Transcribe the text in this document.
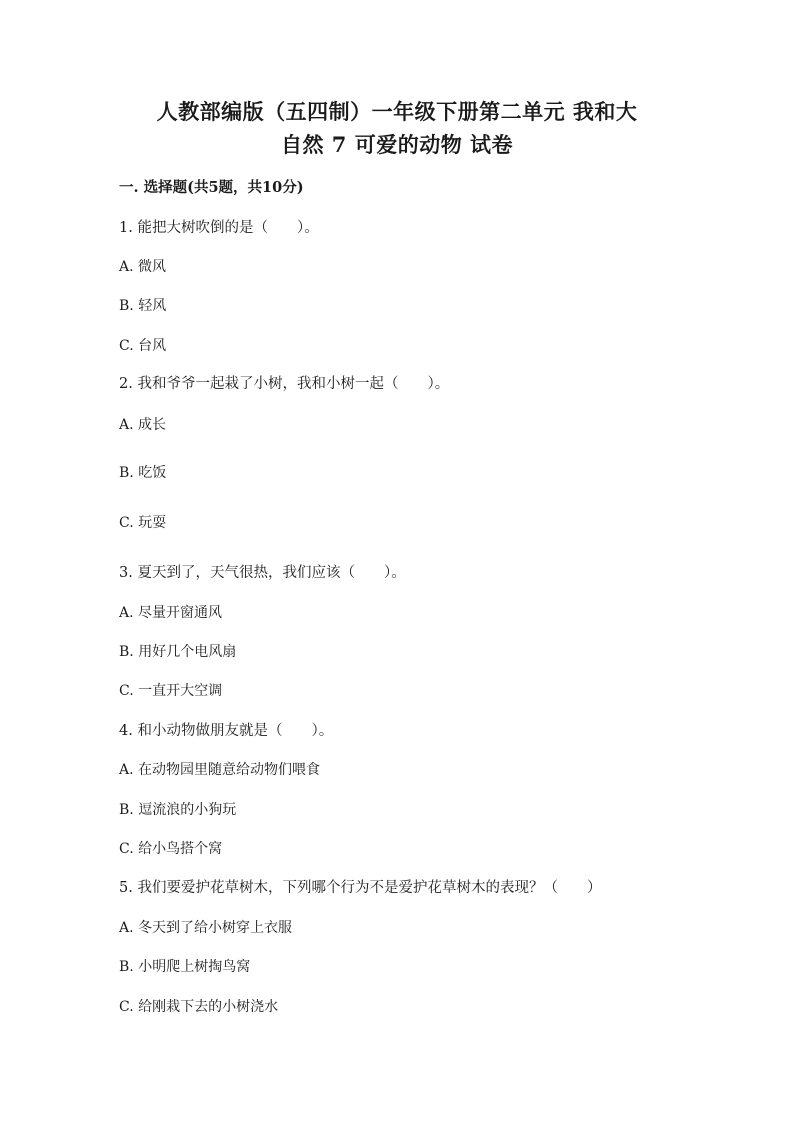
人教部编版（五四制）一年级下册第二单元 我和大
自然 7 可爱的动物 试卷
一. 选择题(共5题，共10分)
1. 能把大树吹倒的是（　　）。
A. 微风
B. 轻风
C. 台风
2. 我和爷爷一起栽了小树，我和小树一起（　　）。
A. 成长
B. 吃饭
C. 玩耍
3. 夏天到了，天气很热，我们应该（　　）。
A. 尽量开窗通风
B. 用好几个电风扇
C. 一直开大空调
4. 和小动物做朋友就是（　　）。
A. 在动物园里随意给动物们喂食
B. 逗流浪的小狗玩
C. 给小鸟搭个窝
5. 我们要爱护花草树木，下列哪个行为不是爱护花草树木的表现？（　　）
A. 冬天到了给小树穿上衣服
B. 小明爬上树掏鸟窝
C. 给刚栽下去的小树浇水
